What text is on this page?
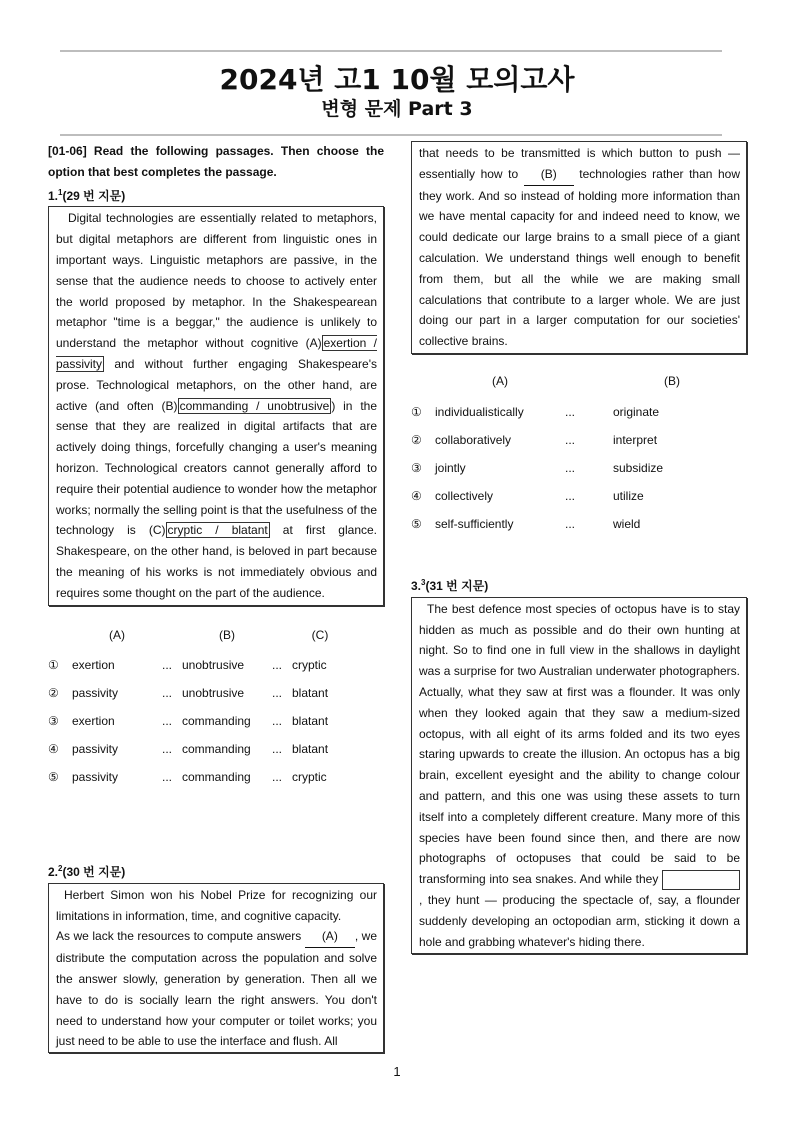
2024년 고1 10월 모의고사
변형 문제 Part 3
[01-06] Read the following passages. Then choose the option that best completes the passage.
1.$^1$(29 번 지문)
Digital technologies are essentially related to metaphors, but digital metaphors are different from linguistic ones in important ways. Linguistic metaphors are passive, in the sense that the audience needs to choose to actively enter the world proposed by metaphor. In the Shakespearean metaphor "time is a beggar," the audience is unlikely to understand the metaphor without cognitive (A) exertion / passivity and without further engaging Shakespeare's prose. Technological metaphors, on the other hand, are active (and often (B) commanding / unobtrusive ) in the sense that they are realized in digital artifacts that are actively doing things, forcefully changing a user's meaning horizon. Technological creators cannot generally afford to require their potential audience to wonder how the metaphor works; normally the selling point is that the usefulness of the technology is (C) cryptic / blatant at first glance. Shakespeare, on the other hand, is beloved in part because the meaning of his works is not immediately obvious and requires some thought on the part of the audience.
	(A)		(B)		(C)
①	exertion	...	unobtrusive	...	cryptic
②	passivity	...	unobtrusive	...	blatant
③	exertion	...	commanding	...	blatant
④	passivity	...	commanding	...	blatant
⑤	passivity	...	commanding	...	cryptic
2.$^2$(30 번 지문)
Herbert Simon won his Nobel Prize for recognizing our limitations in information, time, and cognitive capacity.
As we lack the resources to compute answers (A) , we distribute the computation across the population and solve the answer slowly, generation by generation. Then all we have to do is socially learn the right answers. You don't need to understand how your computer or toilet works; you just need to be able to use the interface and flush. All
that needs to be transmitted is which button to push — essentially how to (B) technologies rather than how they work. And so instead of holding more information than we have mental capacity for and indeed need to know, we could dedicate our large brains to a small piece of a giant calculation. We understand things well enough to benefit from them, but all the while we are making small calculations that contribute to a larger whole. We are just doing our part in a larger computation for our societies' collective brains.
	(A)		(B)
①	individualistically	...	originate
②	collaboratively	...	interpret
③	jointly	...	subsidize
④	collectively	...	utilize
⑤	self-sufficiently	...	wield
3.$^3$(31 번 지문)
The best defence most species of octopus have is to stay hidden as much as possible and do their own hunting at night. So to find one in full view in the shallows in daylight was a surprise for two Australian underwater photographers. Actually, what they saw at first was a flounder. It was only when they looked again that they saw a medium-sized octopus, with all eight of its arms folded and its two eyes staring upwards to create the illusion. An octopus has a big brain, excellent eyesight and the ability to change colour and pattern, and this one was using these assets to turn itself into a completely different creature. Many more of this species have been found since then, and there are now photographs of octopuses that could be said to be transforming into sea snakes. And while they , they hunt — producing the spectacle of, say, a flounder suddenly developing an octopodian arm, sticking it down a hole and grabbing whatever's hiding there.
1
